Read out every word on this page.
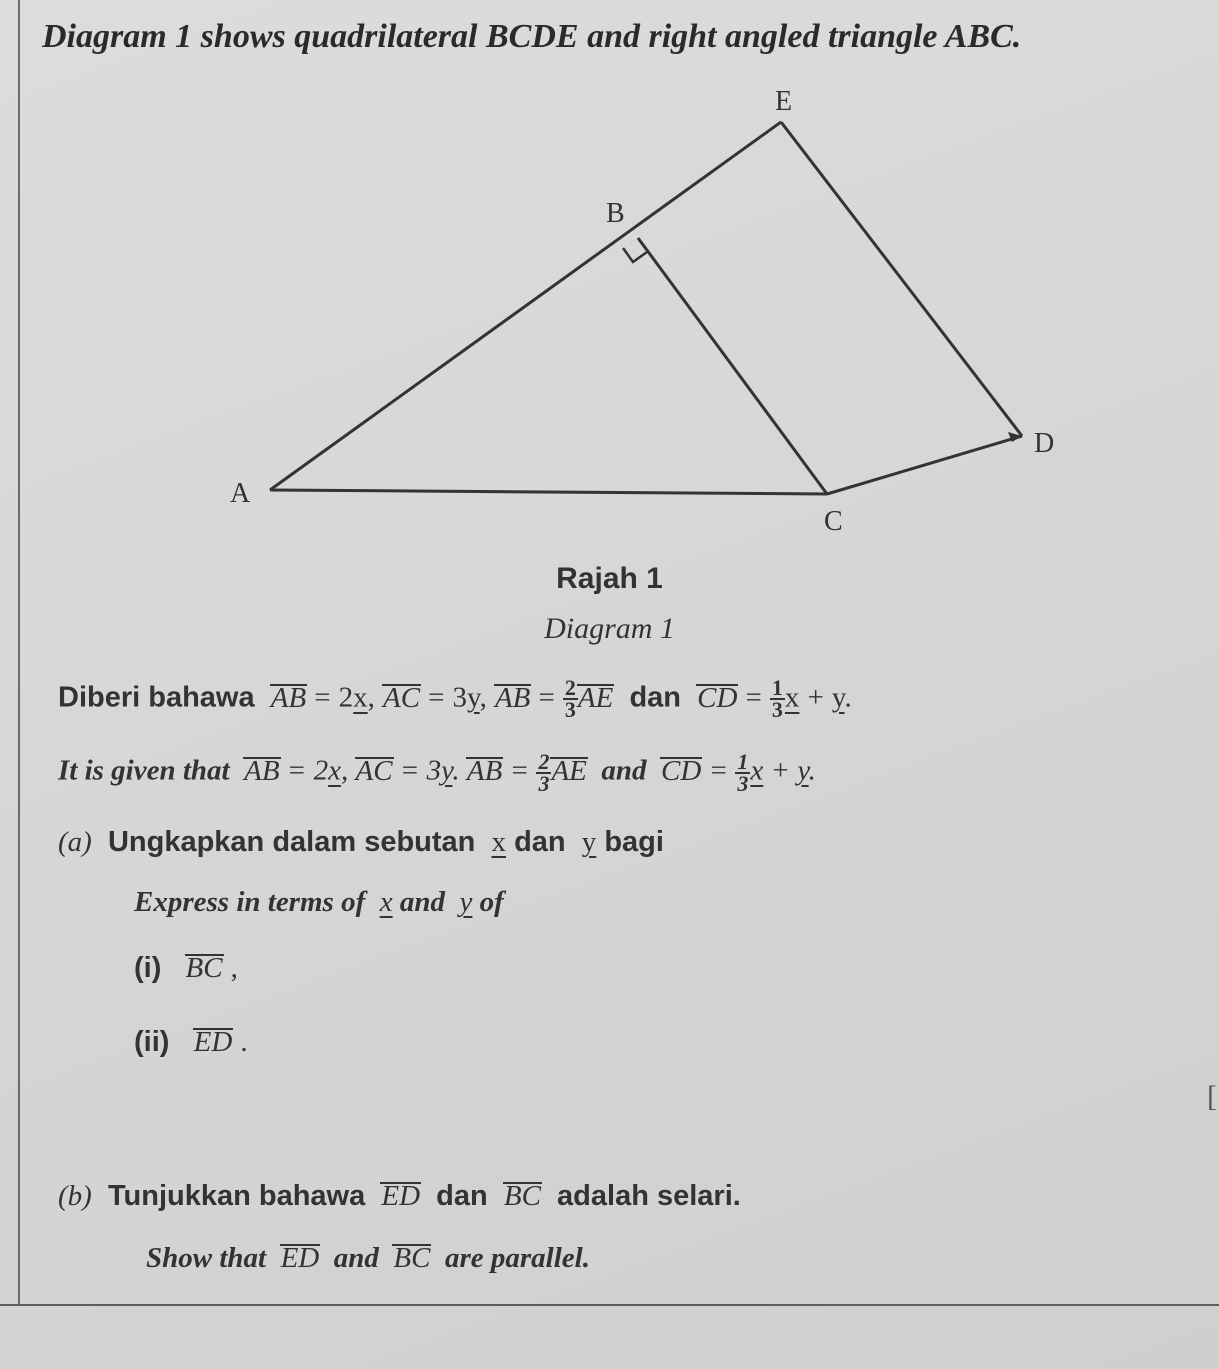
Diagram 1 shows quadrilateral BCDE and right angled triangle ABC.
E
B
D
A
C
Rajah 1
Diagram 1
Diberi bahawa AB = 2x, AC = 3y, AB = $\frac{2}{3}$ AE dan CD = $\frac{1}{3}$ x + y.
It is given that AB = 2x, AC = 3y. AB = $\frac{2}{3}$ AE and CD = $\frac{1}{3}$ x + y.
(a) Ungkapkan dalam sebutan x dan y bagi
Express in terms of x and y of
(i) BC ,
(ii) ED .
[
(b) Tunjukkan bahawa ED dan BC adalah selari.
Show that ED and BC are parallel.
